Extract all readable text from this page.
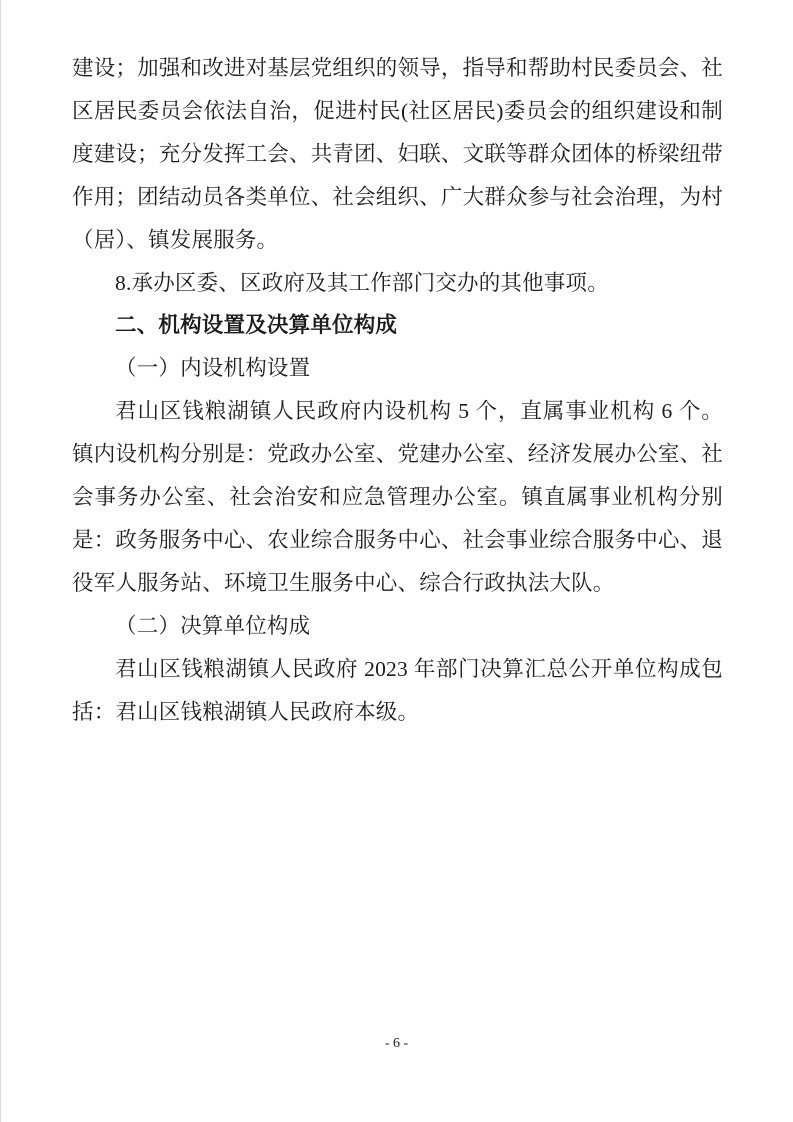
建设；加强和改进对基层党组织的领导，指导和帮助村民委员会、社区居民委员会依法自治，促进村民(社区居民)委员会的组织建设和制度建设；充分发挥工会、共青团、妇联、文联等群众团体的桥梁纽带作用；团结动员各类单位、社会组织、广大群众参与社会治理，为村（居）、镇发展服务。

8.承办区委、区政府及其工作部门交办的其他事项。

二、机构设置及决算单位构成

（一）内设机构设置

君山区钱粮湖镇人民政府内设机构 5 个，直属事业机构 6 个。镇内设机构分别是：党政办公室、党建办公室、经济发展办公室、社会事务办公室、社会治安和应急管理办公室。镇直属事业机构分别是：政务服务中心、农业综合服务中心、社会事业综合服务中心、退役军人服务站、环境卫生服务中心、综合行政执法大队。

（二）决算单位构成

君山区钱粮湖镇人民政府 2023 年部门决算汇总公开单位构成包括：君山区钱粮湖镇人民政府本级。

- 6 -
